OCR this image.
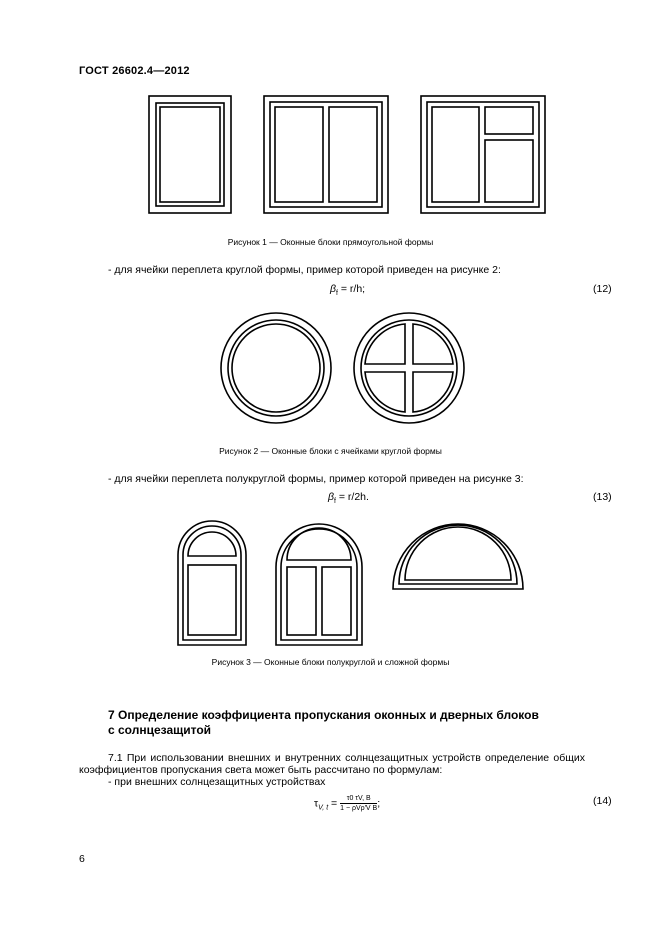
ГОСТ 26602.4—2012
Рисунок 1 — Оконные блоки прямоугольной формы
- для ячейки переплета круглой формы, пример которой приведен на рисунке 2:
$\beta_f = r/h$;	(12)
Рисунок 2 — Оконные блоки с ячейками круглой формы
- для ячейки переплета полукруглой формы, пример которой приведен на рисунке 3:
$\beta_f = r/2h$.	(13)
Рисунок 3 — Оконные блоки полукруглой и сложной формы
7 Определение коэффициента пропускания оконных и дверных блоков
с солнцезащитой
7.1 При использовании внешних и внутренних солнцезащитных устройств определение общих
коэффициентов пропускания света может быть рассчитано по формулам:
- при внешних солнцезащитных устройствах
$\tau_{V, t} = \frac{\tau 0 \tau V, B}{\text{1 − ρVρ′V B}}$ ;	(14)
6
